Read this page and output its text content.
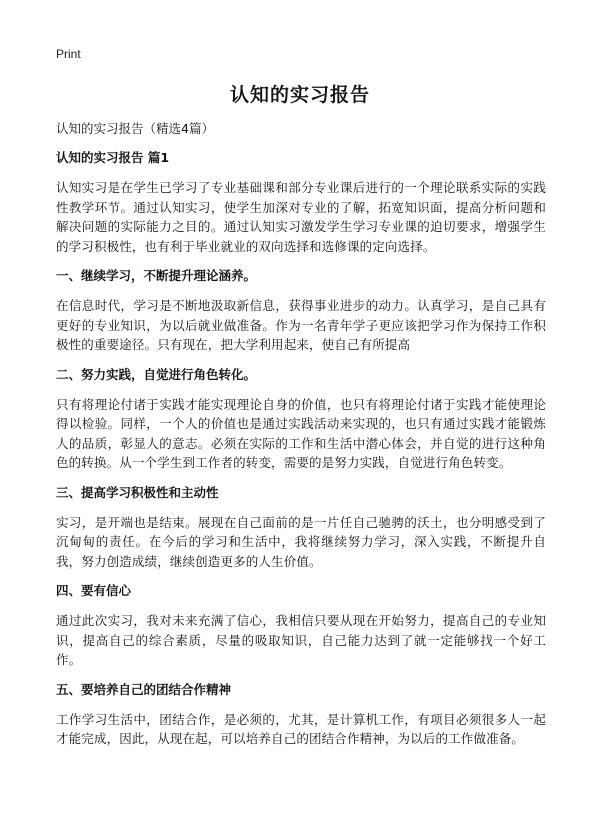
Print
认知的实习报告

认知的实习报告（精选4篇）

认知的实习报告 篇1

认知实习是在学生已学习了专业基础课和部分专业课后进行的一个理论联系实际的实践性教学环节。通过认知实习，使学生加深对专业的了解，拓宽知识面，提高分析问题和解决问题的实际能力之目的。通过认知实习激发学生学习专业课的迫切要求，增强学生的学习积极性，也有利于毕业就业的双向选择和选修课的定向选择。

一、继续学习，不断提升理论涵养。

在信息时代，学习是不断地汲取新信息，获得事业进步的动力。认真学习，是自己具有更好的专业知识，为以后就业做准备。作为一名青年学子更应该把学习作为保持工作积极性的重要途径。只有现在，把大学利用起来，使自己有所提高

二、努力实践，自觉进行角色转化。

只有将理论付诸于实践才能实现理论自身的价值，也只有将理论付诸于实践才能使理论得以检验。同样，一个人的价值也是通过实践活动来实现的，也只有通过实践才能锻炼人的品质，彰显人的意志。必须在实际的工作和生活中潜心体会，并自觉的进行这种角色的转换。从一个学生到工作者的转变，需要的是努力实践，自觉进行角色转变。

三、提高学习积极性和主动性

实习，是开端也是结束。展现在自己面前的是一片任自己驰骋的沃土，也分明感受到了沉甸甸的责任。在今后的学习和生活中，我将继续努力学习，深入实践，不断提升自我，努力创造成绩，继续创造更多的人生价值。

四、要有信心

通过此次实习，我对未来充满了信心，我相信只要从现在开始努力，提高自己的专业知识，提高自己的综合素质，尽量的吸取知识，自己能力达到了就一定能够找一个好工作。

五、要培养自己的团结合作精神

工作学习生活中，团结合作，是必须的，尤其，是计算机工作，有项目必须很多人一起才能完成，因此，从现在起，可以培养自己的团结合作精神，为以后的工作做准备。
